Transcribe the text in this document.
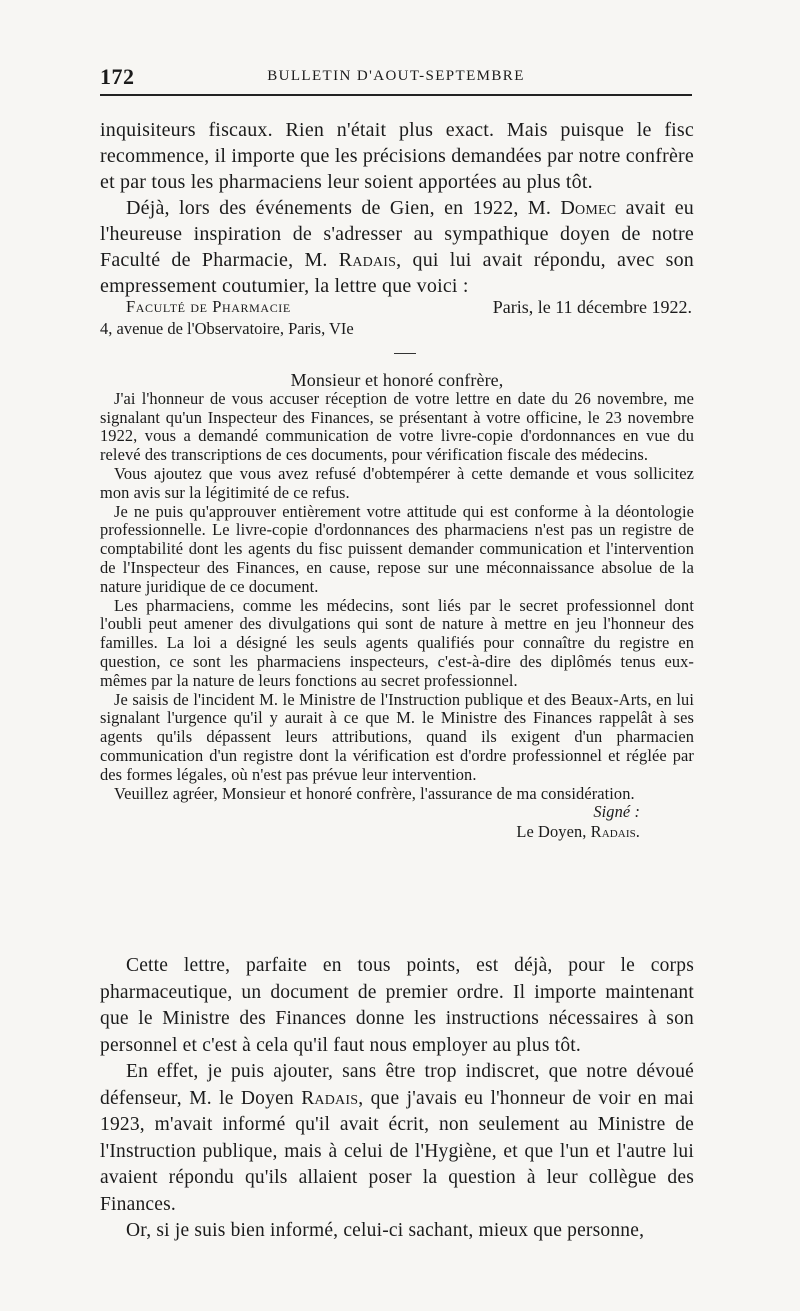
172	BULLETIN D'AOUT-SEPTEMBRE

inquisiteurs fiscaux. Rien n'était plus exact. Mais puisque le fisc recommence, il importe que les précisions demandées par notre confrère et par tous les pharmaciens leur soient apportées au plus tôt.

Déjà, lors des événements de Gien, en 1922, M. Domec avait eu l'heureuse inspiration de s'adresser au sympathique doyen de notre Faculté de Pharmacie, M. Radais, qui lui avait répondu, avec son empressement coutumier, la lettre que voici :

Faculté de Pharmacie
4, avenue de l'Observatoire, Paris, VIe
Paris, le 11 décembre 1922.

Monsieur et honoré confrère,

J'ai l'honneur de vous accuser réception de votre lettre en date du 26 novembre, me signalant qu'un Inspecteur des Finances, se présentant à votre officine, le 23 novembre 1922, vous a demandé communication de votre livre-copie d'ordonnances en vue du relevé des transcriptions de ces documents, pour vérification fiscale des médecins.

Vous ajoutez que vous avez refusé d'obtempérer à cette demande et vous sollicitez mon avis sur la légitimité de ce refus.

Je ne puis qu'approuver entièrement votre attitude qui est conforme à la déontologie professionnelle. Le livre-copie d'ordonnances des pharmaciens n'est pas un registre de comptabilité dont les agents du fisc puissent demander communication et l'intervention de l'Inspecteur des Finances, en cause, repose sur une méconnaissance absolue de la nature juridique de ce document.

Les pharmaciens, comme les médecins, sont liés par le secret professionnel dont l'oubli peut amener des divulgations qui sont de nature à mettre en jeu l'honneur des familles. La loi a désigné les seuls agents qualifiés pour connaître du registre en question, ce sont les pharmaciens inspecteurs, c'est-à-dire des diplômés tenus eux-mêmes par la nature de leurs fonctions au secret professionnel.

Je saisis de l'incident M. le Ministre de l'Instruction publique et des Beaux-Arts, en lui signalant l'urgence qu'il y aurait à ce que M. le Ministre des Finances rappelât à ses agents qu'ils dépassent leurs attributions, quand ils exigent d'un pharmacien communication d'un registre dont la vérification est d'ordre professionnel et réglée par des formes légales, où n'est pas prévue leur intervention.

Veuillez agréer, Monsieur et honoré confrère, l'assurance de ma considération.

Signé :
Le Doyen, Radais.

Cette lettre, parfaite en tous points, est déjà, pour le corps pharmaceutique, un document de premier ordre. Il importe maintenant que le Ministre des Finances donne les instructions nécessaires à son personnel et c'est à cela qu'il faut nous employer au plus tôt.

En effet, je puis ajouter, sans être trop indiscret, que notre dévoué défenseur, M. le Doyen Radais, que j'avais eu l'honneur de voir en mai 1923, m'avait informé qu'il avait écrit, non seulement au Ministre de l'Instruction publique, mais à celui de l'Hygiène, et que l'un et l'autre lui avaient répondu qu'ils allaient poser la question à leur collègue des Finances.

Or, si je suis bien informé, celui-ci sachant, mieux que personne,
